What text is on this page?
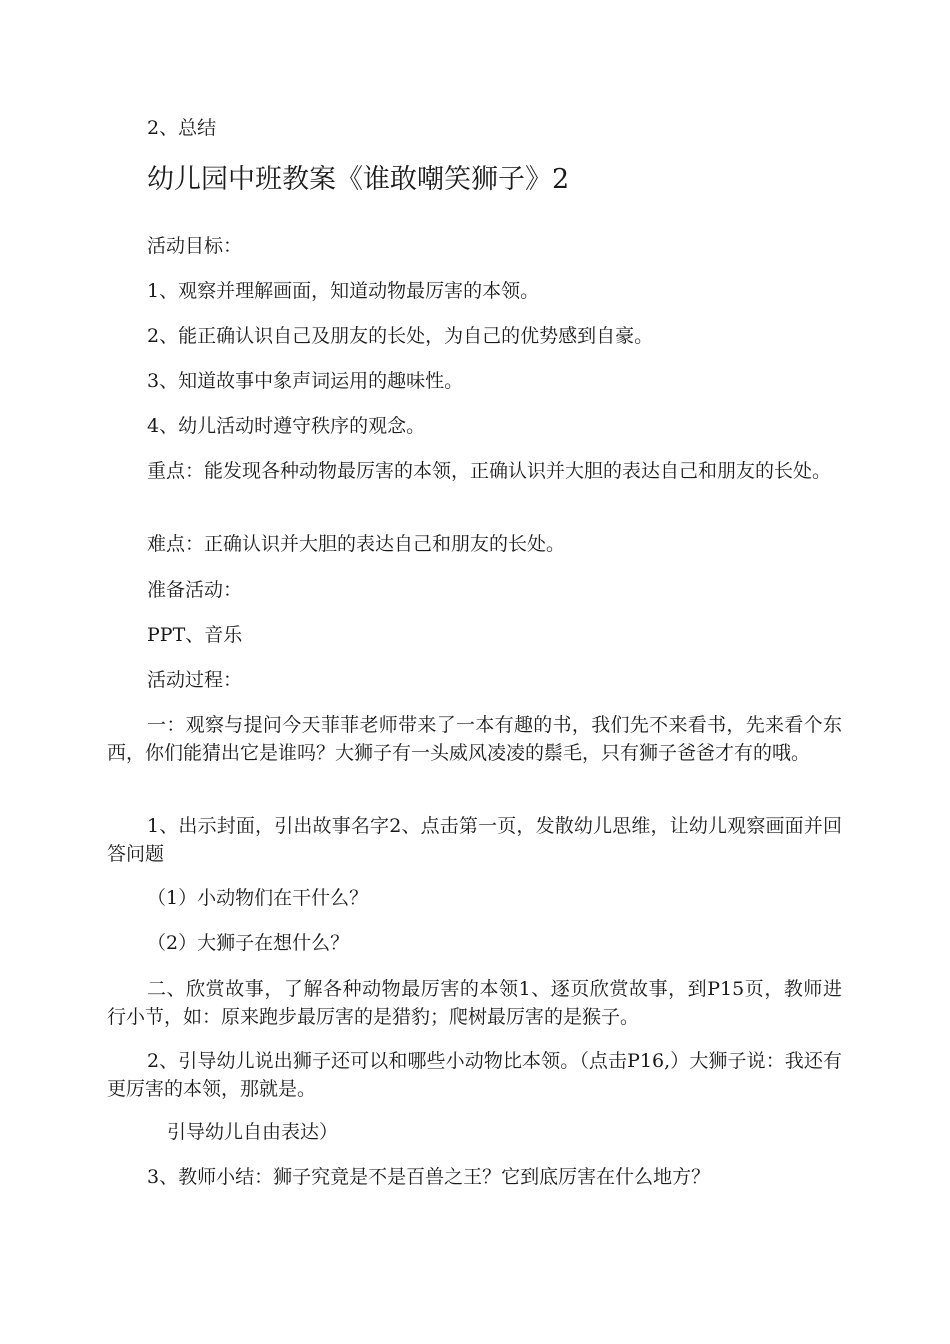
2、总结
幼儿园中班教案《谁敢嘲笑狮子》2
活动目标：
1、观察并理解画面，知道动物最厉害的本领。
2、能正确认识自己及朋友的长处，为自己的优势感到自豪。
3、知道故事中象声词运用的趣味性。
4、幼儿活动时遵守秩序的观念。
重点：能发现各种动物最厉害的本领，正确认识并大胆的表达自己和朋友的长处。
难点：正确认识并大胆的表达自己和朋友的长处。
准备活动：
PPT、音乐
活动过程：
一：观察与提问今天菲菲老师带来了一本有趣的书，我们先不来看书，先来看个东西，你们能猜出它是谁吗？大狮子有一头威风凌凌的鬃毛，只有狮子爸爸才有的哦。
1、出示封面，引出故事名字2、点击第一页，发散幼儿思维，让幼儿观察画面并回答问题
（1）小动物们在干什么？
（2）大狮子在想什么？
二、欣赏故事，了解各种动物最厉害的本领1、逐页欣赏故事，到P15页，教师进行小节，如：原来跑步最厉害的是猎豹；爬树最厉害的是猴子。
2、引导幼儿说出狮子还可以和哪些小动物比本领。（点击P16,）大狮子说：我还有更厉害的本领，那就是。
引导幼儿自由表达）
3、教师小结：狮子究竟是不是百兽之王？它到底厉害在什么地方？
